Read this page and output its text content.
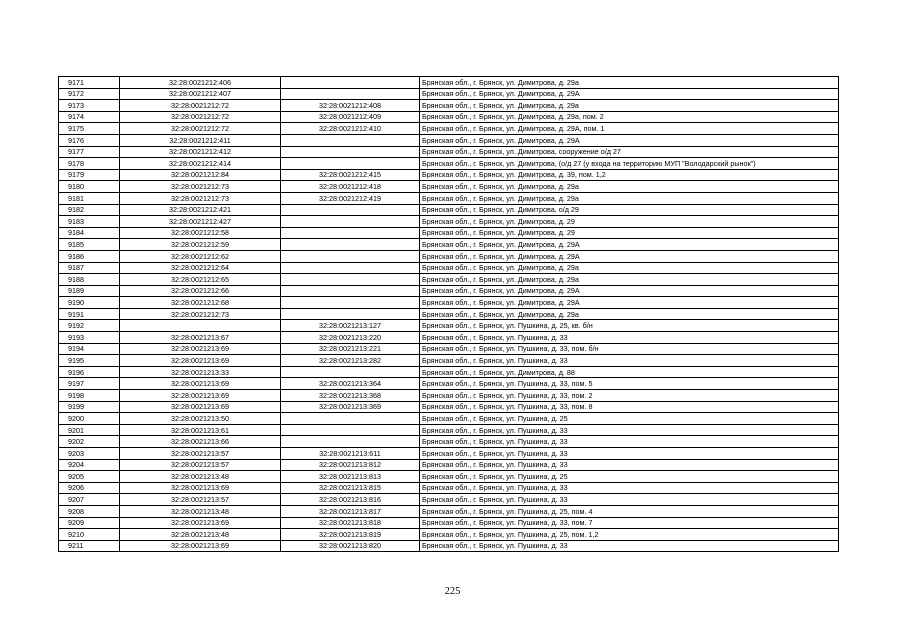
9171	32:28:0021212:406		Брянская обл., г. Брянск, ул. Димитрова, д. 29а
9172	32:28:0021212:407		Брянская обл., г. Брянск, ул. Димитрова, д. 29А
9173	32:28:0021212:72	32:28:0021212:408	Брянская обл., г. Брянск, ул. Димитрова, д. 29а
9174	32:28:0021212:72	32:28:0021212:409	Брянская обл., г. Брянск, ул. Димитрова, д. 29а, пом. 2
9175	32:28:0021212:72	32:28:0021212:410	Брянская обл., г. Брянск, ул. Димитрова, д. 29А, пом. 1
9176	32:28:0021212:411		Брянская обл., г. Брянск, ул. Димитрова, д. 29А
9177	32:28:0021212:412		Брянская обл., г. Брянск, ул. Димитрова, сооружение о/д 27
9178	32:28:0021212:414		Брянская обл., г. Брянск, ул. Димитрова, (о/д 27 (у входа на территорию МУП "Володарский рынок")
9179	32:28:0021212:84	32:28:0021212:415	Брянская обл., г. Брянск, ул. Димитрова, д. 39, пом. 1,2
9180	32:28:0021212:73	32:28:0021212:418	Брянская обл., г. Брянск, ул. Димитрова, д. 29а
9181	32:28:0021212:73	32:28:0021212:419	Брянская обл., г. Брянск, ул. Димитрова, д. 29а
9182	32:28:0021212:421		Брянская обл., г. Брянск, ул. Димитрова, о/д 29
9183	32:28:0021212:427		Брянская обл., г. Брянск, ул. Димитрова, д. 29
9184	32:28:0021212:58		Брянская обл., г. Брянск, ул. Димитрова, д. 29
9185	32:28:0021212:59		Брянская обл., г. Брянск, ул. Димитрова, д. 29А
9186	32:28:0021212:62		Брянская обл., г. Брянск, ул. Димитрова, д. 29А
9187	32:28:0021212:64		Брянская обл., г. Брянск, ул. Димитрова, д. 29а
9188	32:28:0021212:65		Брянская обл., г. Брянск, ул. Димитрова, д. 29а
9189	32:28:0021212:66		Брянская обл., г. Брянск, ул. Димитрова, д. 29А
9190	32:28:0021212:68		Брянская обл., г. Брянск, ул. Димитрова, д. 29А
9191	32:28:0021212:73		Брянская обл., г. Брянск, ул. Димитрова, д. 29а
9192		32:28:0021213:127	Брянская обл., г. Брянск, ул. Пушкина, д. 25, кв. б/н
9193	32:28:0021213:67	32:28:0021213:220	Брянская обл., г. Брянск, ул. Пушкина, д. 33
9194	32:28:0021213:69	32:28:0021213:221	Брянская обл., г. Брянск, ул. Пушкина, д. 33, пом. б/н
9195	32:28:0021213:69	32:28:0021213:282	Брянская обл., г. Брянск, ул. Пушкина, д. 33
9196	32:28:0021213:33		Брянская обл., г. Брянск, ул. Димитрова, д. 88
9197	32:28:0021213:69	32:28:0021213:364	Брянская обл., г. Брянск, ул. Пушкина, д. 33, пом. 5
9198	32:28:0021213:69	32:28:0021213:368	Брянская обл., г. Брянск, ул. Пушкина, д. 33, пом. 2
9199	32:28:0021213:69	32:28:0021213:369	Брянская обл., г. Брянск, ул. Пушкина, д. 33, пом. 8
9200	32:28:0021213:50		Брянская обл., г. Брянск, ул. Пушкина, д. 25
9201	32:28:0021213:61		Брянская обл., г. Брянск, ул. Пушкина, д. 33
9202	32:28:0021213:66		Брянская обл., г. Брянск, ул. Пушкина, д. 33
9203	32:28:0021213:57	32:28:0021213:611	Брянская обл., г. Брянск, ул. Пушкина, д. 33
9204	32:28:0021213:57	32:28:0021213:812	Брянская обл., г. Брянск, ул. Пушкина, д. 33
9205	32:28:0021213:48	32:28:0021213:813	Брянская обл., г. Брянск, ул. Пушкина, д. 25
9206	32:28:0021213:69	32:28:0021213:815	Брянская обл., г. Брянск, ул. Пушкина, д. 33
9207	32:28:0021213:57	32:28:0021213:816	Брянская обл., г. Брянск, ул. Пушкина, д. 33
9208	32:28:0021213:48	32:28:0021213:817	Брянская обл., г. Брянск, ул. Пушкина, д. 25, пом. 4
9209	32:28:0021213:69	32:28:0021213:818	Брянская обл., г. Брянск, ул. Пушкина, д. 33, пом. 7
9210	32:28:0021213:48	32:28:0021213:819	Брянская обл., г. Брянск, ул. Пушкина, д. 25, пом. 1,2
9211	32:28:0021213:69	32:28:0021213:820	Брянская обл., г. Брянск, ул. Пушкина, д. 33
225
